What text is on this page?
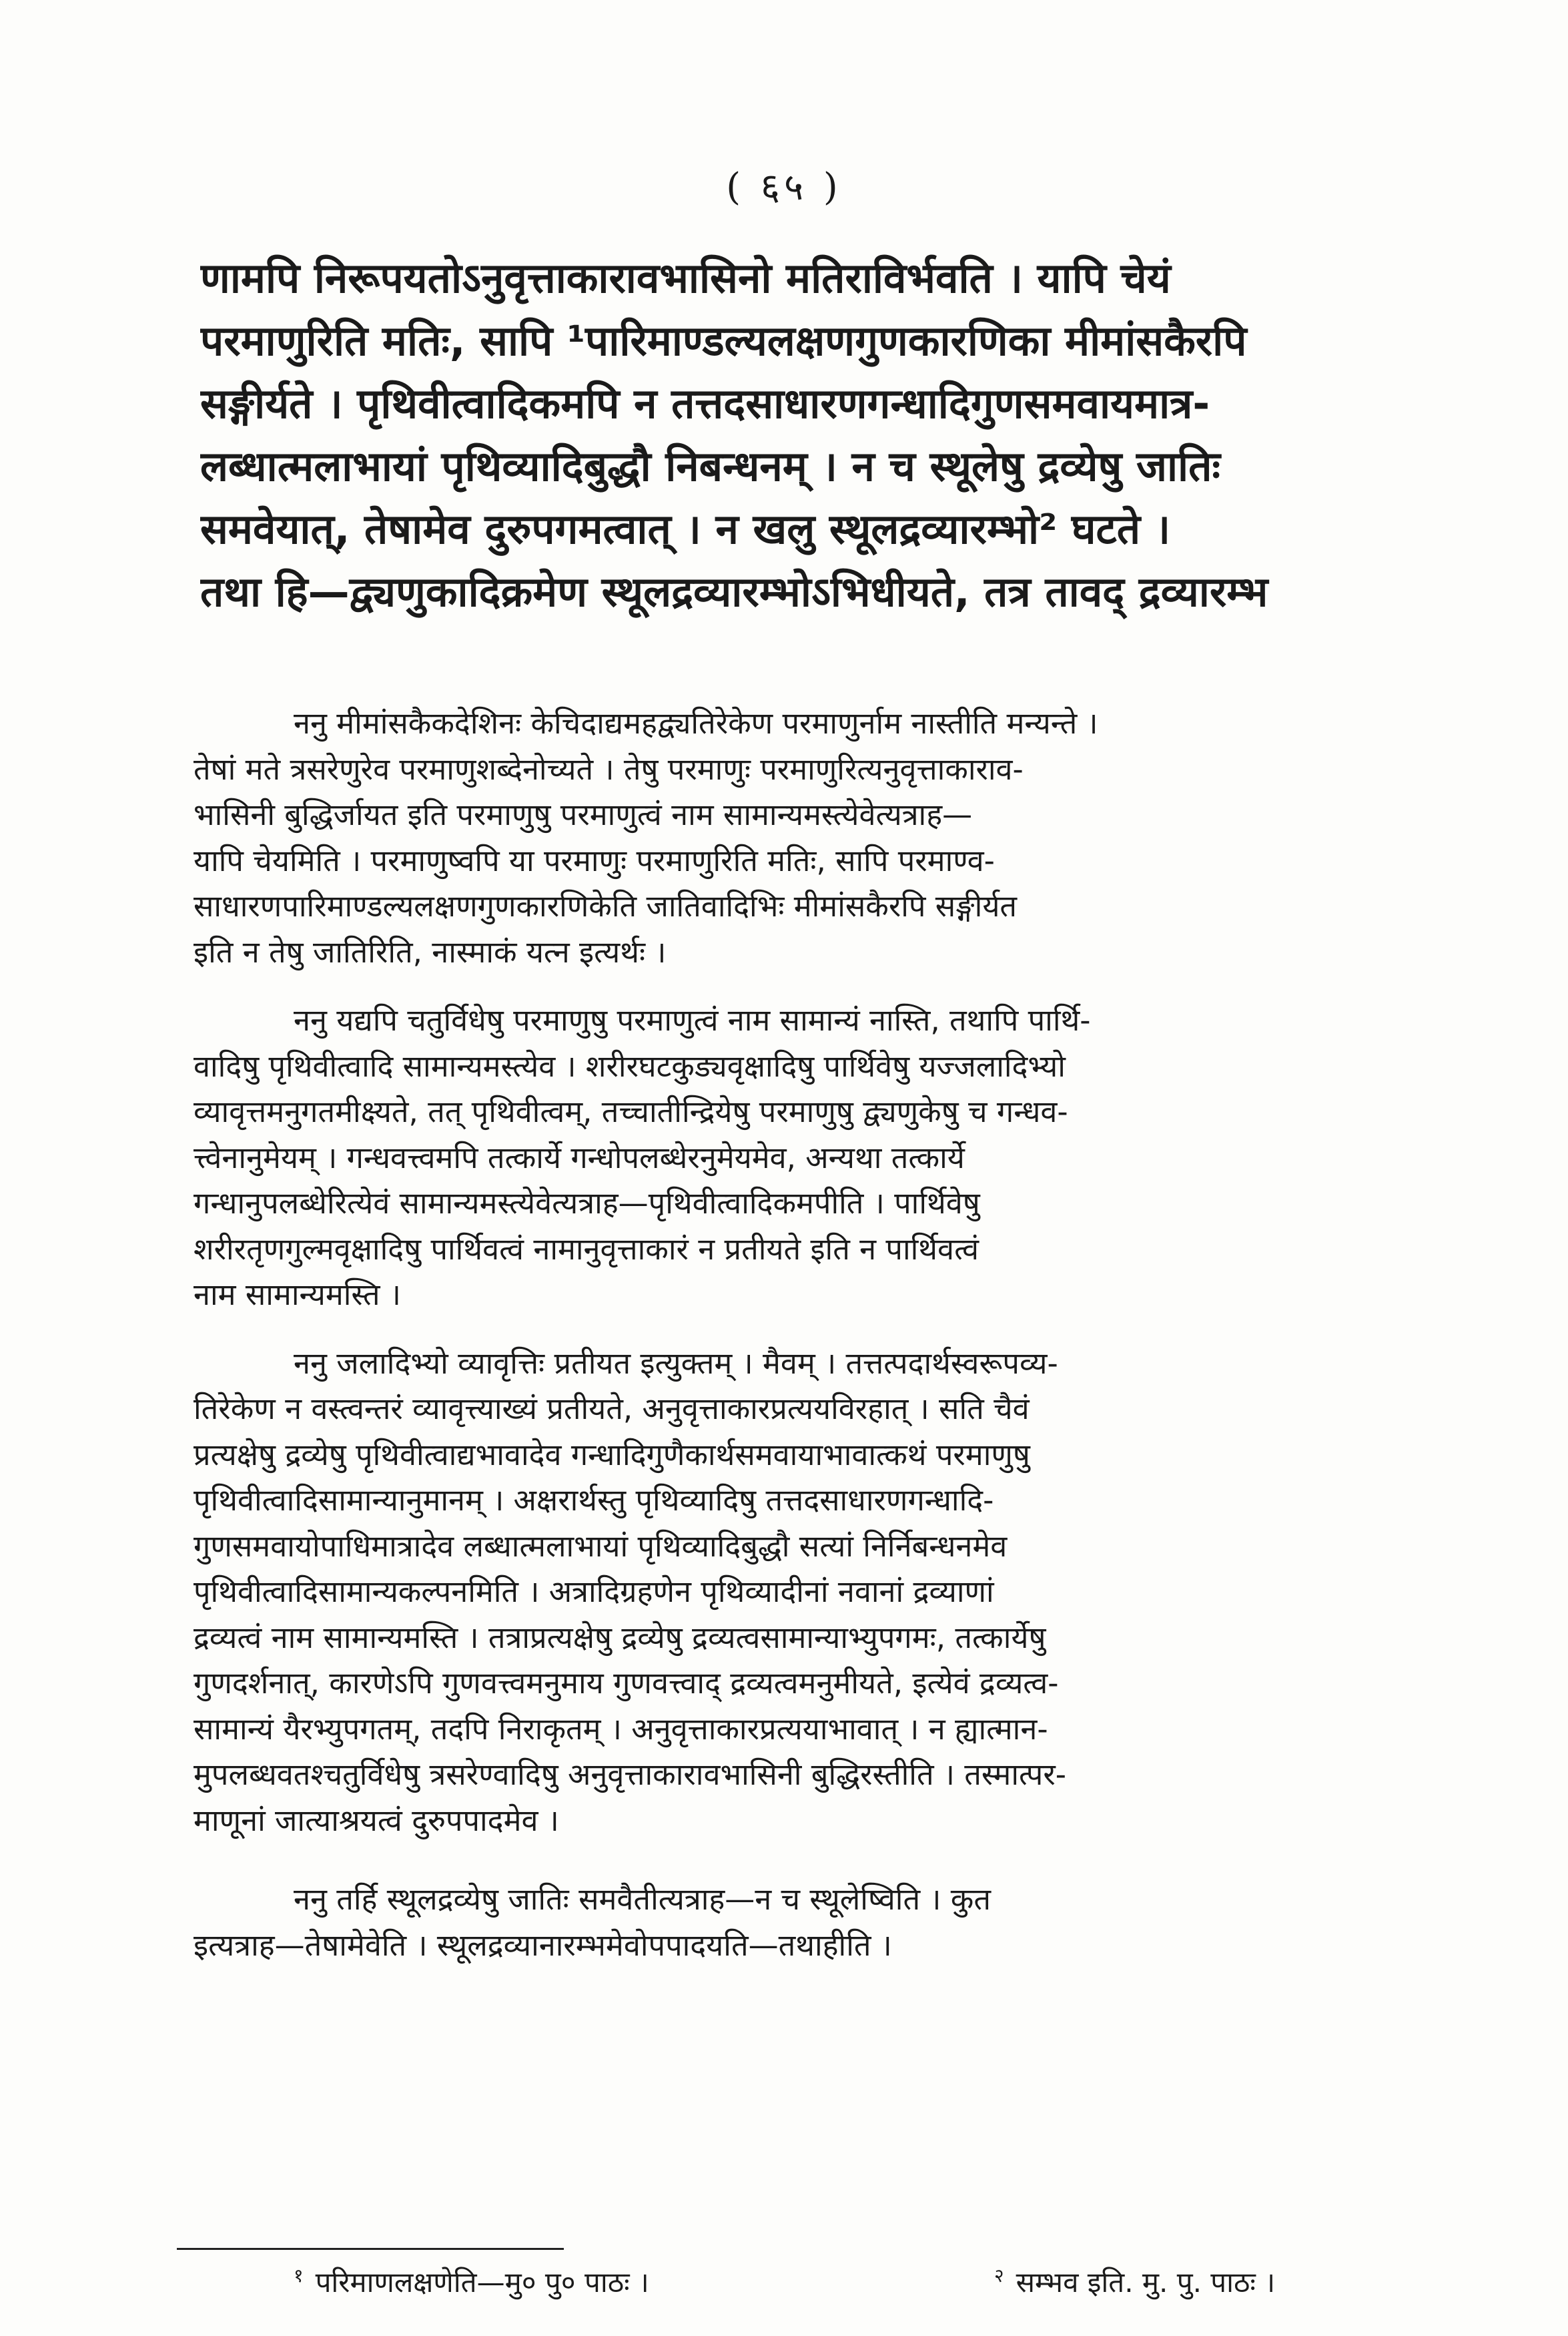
( ६५ )
णामपि निरूपयतोऽनुवृत्ताकारावभासिनो मतिराविर्भवति । यापि चेयं
परमाणुरिति मतिः, सापि ¹पारिमाण्डल्यलक्षणगुणकारणिका मीमांसकैरपि
सङ्गीर्यते । पृथिवीत्वादिकमपि न तत्तदसाधारणगन्धादिगुणसमवायमात्र-
लब्धात्मलाभायां पृथिव्यादिबुद्धौ निबन्धनम् । न च स्थूलेषु द्रव्येषु जातिः
समवेयात्, तेषामेव दुरुपगमत्वात् । न खलु स्थूलद्रव्यारम्भो² घटते ।
तथा हि—द्व्यणुकादिक्रमेण स्थूलद्रव्यारम्भोऽभिधीयते, तत्र तावद् द्रव्यारम्भ
ननु मीमांसकैकदेशिनः केचिदाद्यमहद्व्यतिरेकेण परमाणुर्नाम नास्तीति मन्यन्ते ।
तेषां मते त्रसरेणुरेव परमाणुशब्देनोच्यते । तेषु परमाणुः परमाणुरित्यनुवृत्ताकाराव-
भासिनी बुद्धिर्जायत इति परमाणुषु परमाणुत्वं नाम सामान्यमस्त्येवेत्यत्राह—
यापि चेयमिति । परमाणुष्वपि या परमाणुः परमाणुरिति मतिः, सापि परमाण्व-
साधारणपारिमाण्डल्यलक्षणगुणकारणिकेति जातिवादिभिः मीमांसकैरपि सङ्गीर्यत
इति न तेषु जातिरिति, नास्माकं यत्न इत्यर्थः ।
ननु यद्यपि चतुर्विधेषु परमाणुषु परमाणुत्वं नाम सामान्यं नास्ति, तथापि पार्थि-
वादिषु पृथिवीत्वादि सामान्यमस्त्येव । शरीरघटकुड्यवृक्षादिषु पार्थिवेषु यज्जलादिभ्यो
व्यावृत्तमनुगतमीक्ष्यते, तत् पृथिवीत्वम्, तच्चातीन्द्रियेषु परमाणुषु द्व्यणुकेषु च गन्धव-
त्त्वेनानुमेयम् । गन्धवत्त्वमपि तत्कार्ये गन्धोपलब्धेरनुमेयमेव, अन्यथा तत्कार्ये
गन्धानुपलब्धेरित्येवं सामान्यमस्त्येवेत्यत्राह—पृथिवीत्वादिकमपीति । पार्थिवेषु
शरीरतृणगुल्मवृक्षादिषु पार्थिवत्वं नामानुवृत्ताकारं न प्रतीयते इति न पार्थिवत्वं
नाम सामान्यमस्ति ।
ननु जलादिभ्यो व्यावृत्तिः प्रतीयत इत्युक्तम् । मैवम् । तत्तत्पदार्थस्वरूपव्य-
तिरेकेण न वस्त्वन्तरं व्यावृत्त्याख्यं प्रतीयते, अनुवृत्ताकारप्रत्ययविरहात् । सति चैवं
प्रत्यक्षेषु द्रव्येषु पृथिवीत्वाद्यभावादेव गन्धादिगुणैकार्थसमवायाभावात्कथं परमाणुषु
पृथिवीत्वादिसामान्यानुमानम् । अक्षरार्थस्तु पृथिव्यादिषु तत्तदसाधारणगन्धादि-
गुणसमवायोपाधिमात्रादेव लब्धात्मलाभायां पृथिव्यादिबुद्धौ सत्यां निर्निबन्धनमेव
पृथिवीत्वादिसामान्यकल्पनमिति । अत्रादिग्रहणेन पृथिव्यादीनां नवानां द्रव्याणां
द्रव्यत्वं नाम सामान्यमस्ति । तत्राप्रत्यक्षेषु द्रव्येषु द्रव्यत्वसामान्याभ्युपगमः, तत्कार्येषु
गुणदर्शनात्, कारणेऽपि गुणवत्त्वमनुमाय गुणवत्त्वाद् द्रव्यत्वमनुमीयते, इत्येवं द्रव्यत्व-
सामान्यं यैरभ्युपगतम्, तदपि निराकृतम् । अनुवृत्ताकारप्रत्ययाभावात् । न ह्यात्मान-
मुपलब्धवतश्चतुर्विधेषु त्रसरेण्वादिषु अनुवृत्ताकारावभासिनी बुद्धिरस्तीति । तस्मात्पर-
माणूनां जात्याश्रयत्वं दुरुपपादमेव ।
ननु तर्हि स्थूलद्रव्येषु जातिः समवैतीत्यत्राह—न च स्थूलेष्विति । कुत
इत्यत्राह—तेषामेवेति । स्थूलद्रव्यानारम्भमेवोपपादयति—तथाहीति ।
$^१$ परिमाणलक्षणेति—मु० पु० पाठः ।	$^२$ सम्भव इति. मु. पु. पाठः ।
